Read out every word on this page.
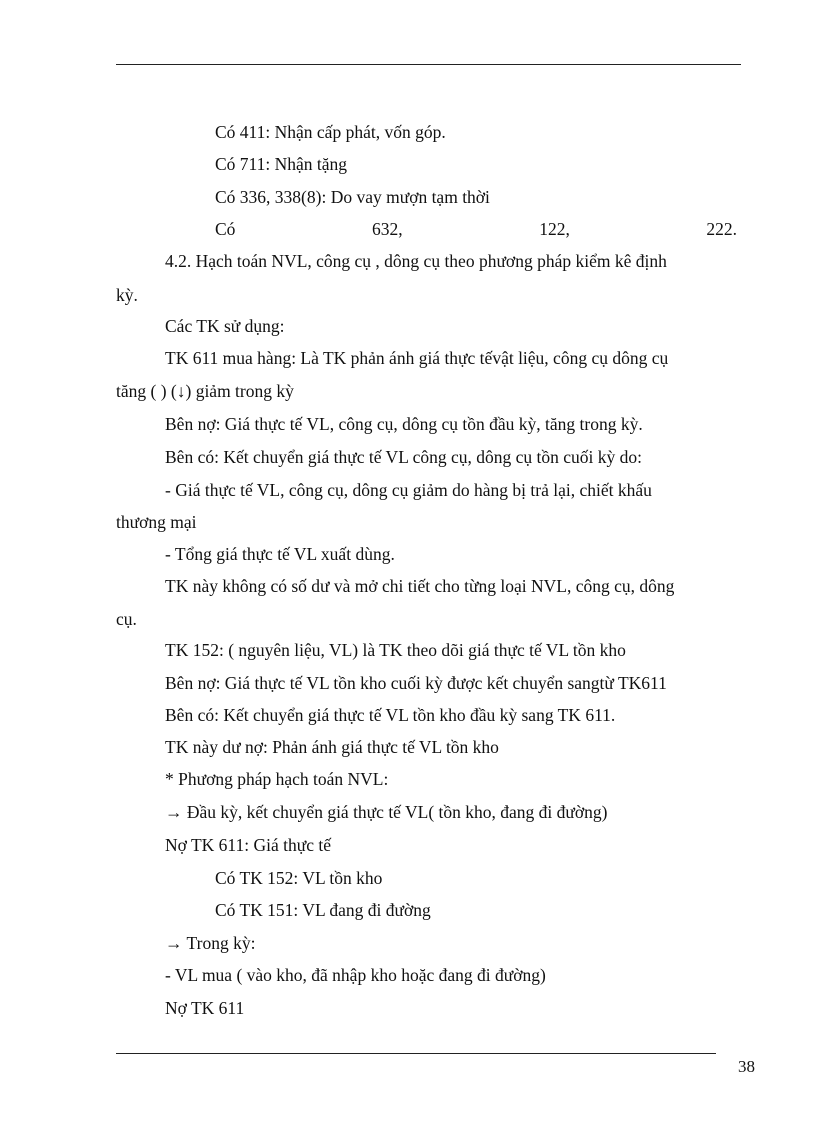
Có 411: Nhận cấp phát, vốn góp.
Có 711: Nhận tặng
Có 336, 338(8): Do vay mượn tạm thời
Có	632,	122,	222.
4.2. Hạch toán NVL, công cụ , dông cụ theo phương pháp kiểm kê định
kỳ.
Các TK sử dụng:
TK 611 mua hàng: Là TK phản ánh giá thực tếvật liệu, công cụ dông cụ
tăng ( ) (↓) giảm trong kỳ
Bên nợ: Giá thực tế VL, công cụ, dông cụ tồn đầu kỳ, tăng trong kỳ.
Bên có: Kết chuyển giá thực tế VL công cụ, dông cụ tồn cuối kỳ do:
- Giá thực tế VL, công cụ, dông cụ giảm do hàng bị trả lại, chiết khấu
thương mại
- Tổng giá thực tế VL xuất dùng.
TK này không có số dư và mở chi tiết cho từng loại NVL, công cụ, dông
cụ.
TK 152: ( nguyên liệu, VL) là TK theo dõi giá thực tế VL tồn kho
Bên nợ: Giá thực tế VL tồn kho cuối kỳ được kết chuyển sangtừ TK611
Bên có: Kết chuyển giá thực tế VL tồn kho đầu kỳ sang TK 611.
TK này dư nợ: Phản ánh giá thực tế VL tồn kho
* Phương pháp hạch toán NVL:
→ Đầu kỳ, kết chuyển giá thực tế VL( tồn kho, đang đi đường)
Nợ TK 611: Giá thực tế
Có TK 152: VL tồn kho
Có TK 151: VL đang đi đường
→ Trong kỳ:
- VL mua ( vào kho, đã nhập kho hoặc đang đi đường)
Nợ TK 611
38
